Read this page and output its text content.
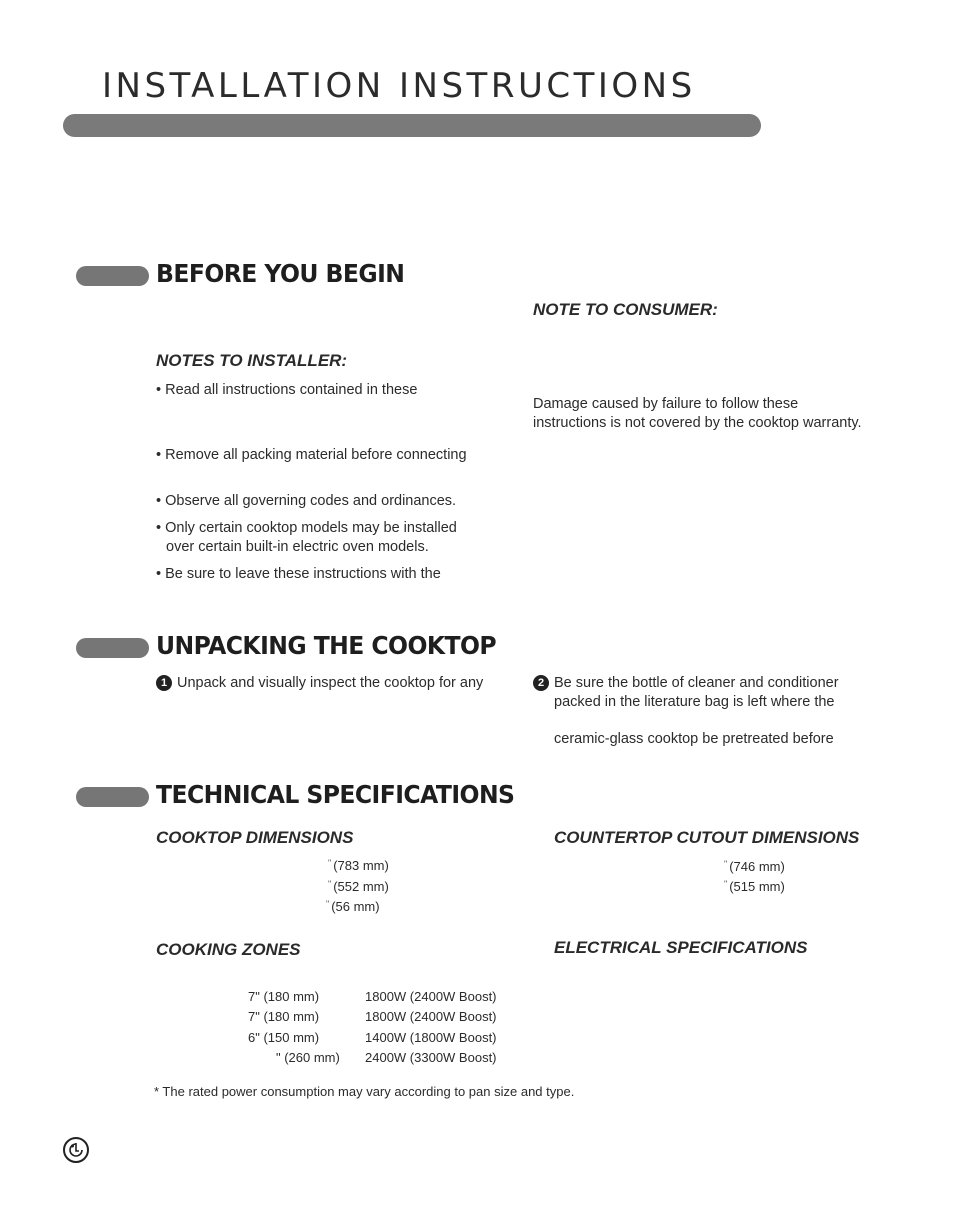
INSTALLATION INSTRUCTIONS
BEFORE YOU BEGIN
NOTE TO CONSUMER:
Damage caused by failure to follow these
instructions is not covered by the cooktop warranty.
NOTES TO INSTALLER:
• Read all instructions contained in these
• Remove all packing material before connecting
• Observe all governing codes and ordinances.
• Only certain cooktop models may be installed
over certain built-in electric oven models.
• Be sure to leave these instructions with the
UNPACKING THE COOKTOP
1 Unpack and visually inspect the cooktop for any	2 Be sure the bottle of cleaner and conditioner
packed in the literature bag is left where the
ceramic-glass cooktop be pretreated before
TECHNICAL SPECIFICATIONS
COOKTOP DIMENSIONS
" (783 mm)
" (552 mm)
" (56 mm)
COUNTERTOP CUTOUT DIMENSIONS
" (746 mm)
" (515 mm)
COOKING ZONES	ELECTRICAL SPECIFICATIONS
7" (180 mm)	1800W (2400W Boost)
7" (180 mm)	1800W (2400W Boost)
6" (150 mm)	1400W (1800W Boost)
" (260 mm) 2400W (3300W Boost)
* The rated power consumption may vary according to pan size and type.
